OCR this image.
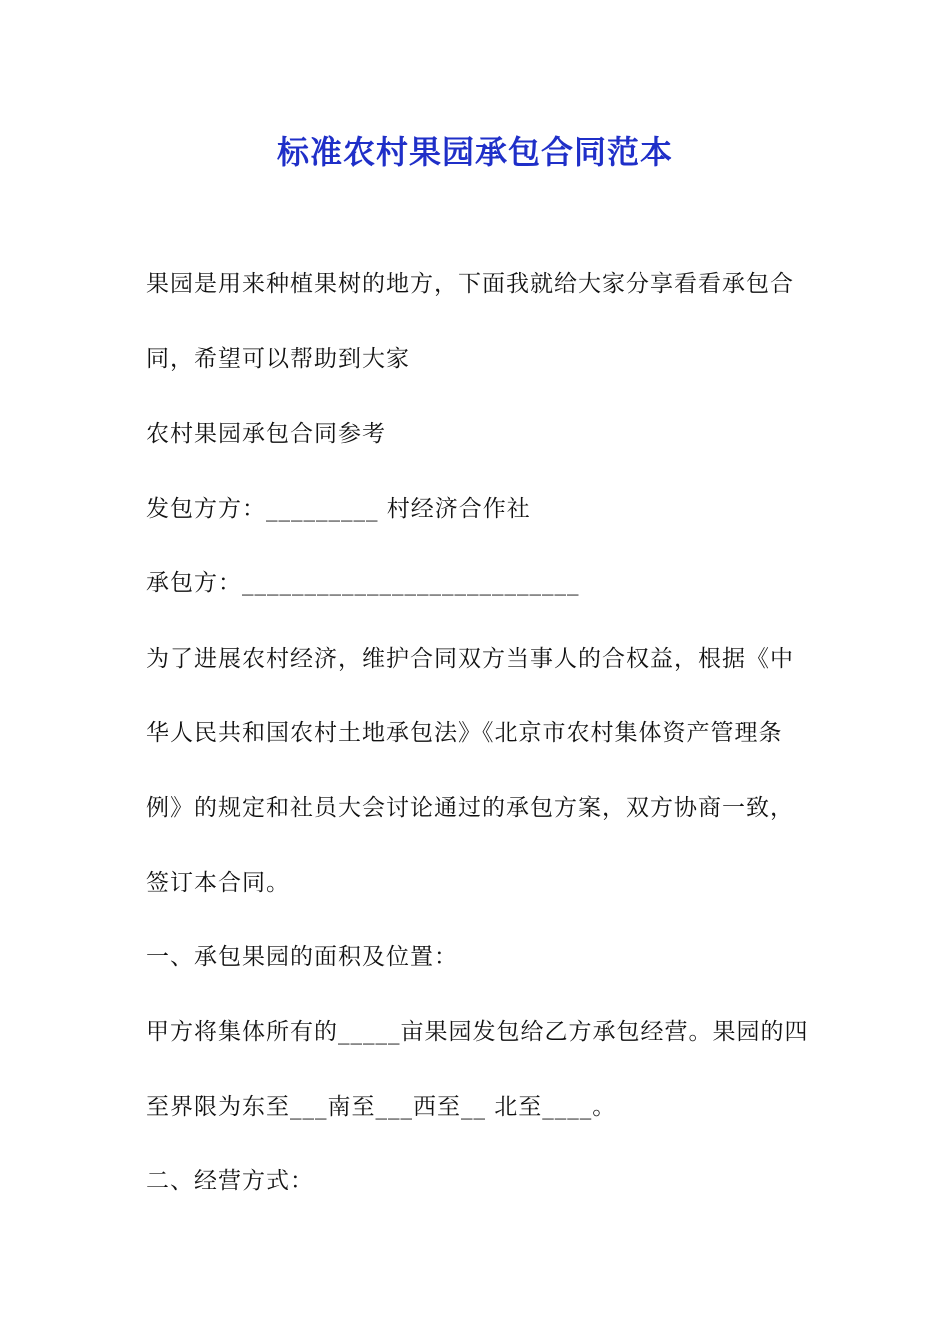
标准农村果园承包合同范本
果园是用来种植果树的地方，下面我就给大家分享看看承包合
同，希望可以帮助到大家
农村果园承包合同参考
发包方方：_________ 村经济合作社
承包方：___________________________
为了进展农村经济，维护合同双方当事人的合权益，根据《中
华人民共和国农村土地承包法》《北京市农村集体资产管理条
例》的规定和社员大会讨论通过的承包方案，双方协商一致，
签订本合同。
一、承包果园的面积及位置：
甲方将集体所有的_____亩果园发包给乙方承包经营。果园的四
至界限为东至___南至___西至__ 北至____。
二、经营方式：
